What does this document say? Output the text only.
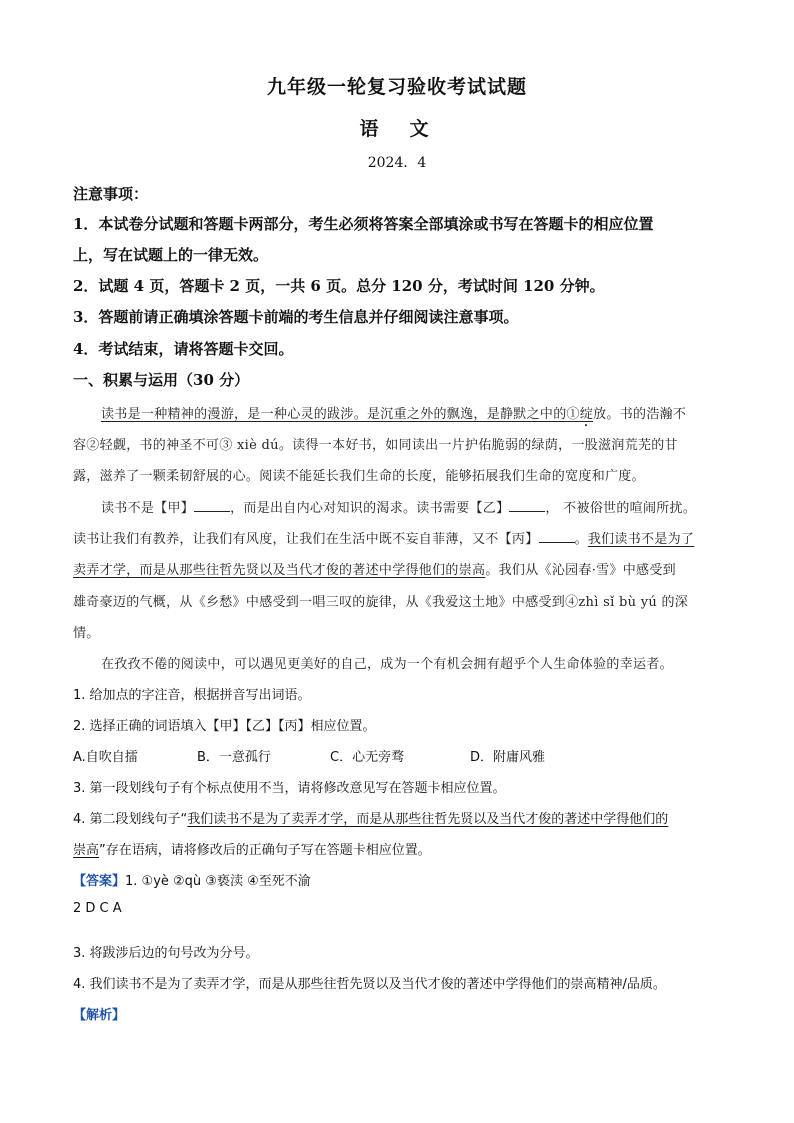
九年级一轮复习验收考试试题
语　文
2024．4
注意事项：
1．本试卷分试题和答题卡两部分，考生必须将答案全部填涂或书写在答题卡的相应位置
上，写在试题上的一律无效。
2．试题 4 页，答题卡 2 页，一共 6 页。总分 120 分，考试时间 120 分钟。
3．答题前请正确填涂答题卡前端的考生信息并仔细阅读注意事项。
4．考试结束，请将答题卡交回。
一、积累与运用（30 分）
读书是一种精神的漫游，是一种心灵的跋涉。是沉重之外的飘逸，是静默之中的①绽放。书的浩瀚不
容②轻觑，书的神圣不可③ xiè dú。读得一本好书，如同读出一片护佑脆弱的绿荫，一股滋润荒芜的甘
露，滋养了一颗柔韧舒展的心。阅读不能延长我们生命的长度，能够拓展我们生命的宽度和广度。
读书不是【甲】	，而是出自内心对知识的渴求。读书需要【乙】	， 不被俗世的喧闹所扰。
读书让我们有教养，让我们有风度，让我们在生活中既不妄自菲薄，又不【丙】	。我们读书不是为了
卖弄才学，而是从那些往哲先贤以及当代才俊的著述中学得他们的崇高。我们从《沁园春·雪》中感受到
雄奇豪迈的气概，从《乡愁》中感受到一唱三叹的旋律，从《我爱这土地》中感受到④zhì sǐ bù yú 的深
情。
在孜孜不倦的阅读中，可以遇见更美好的自己，成为一个有机会拥有超乎个人生命体验的幸运者。
1. 给加点的字注音，根据拼音写出词语。
2. 选择正确的词语填入【甲】【乙】【丙】相应位置。
A.自吹自擂	B．一意孤行	C．心无旁骛	D．附庸风雅
3. 第一段划线句子有个标点使用不当，请将修改意见写在答题卡相应位置。
4. 第二段划线句子“我们读书不是为了卖弄才学，而是从那些往哲先贤以及当代才俊的著述中学得他们的
崇高”存在语病，请将修改后的正确句子写在答题卡相应位置。
【答案】1. ①yè ②qù ③亵渎 ④至死不渝
2 D C A
3. 将跋涉后边的句号改为分号。
4. 我们读书不是为了卖弄才学，而是从那些往哲先贤以及当代才俊的著述中学得他们的崇高精神/品质。
【解析】
